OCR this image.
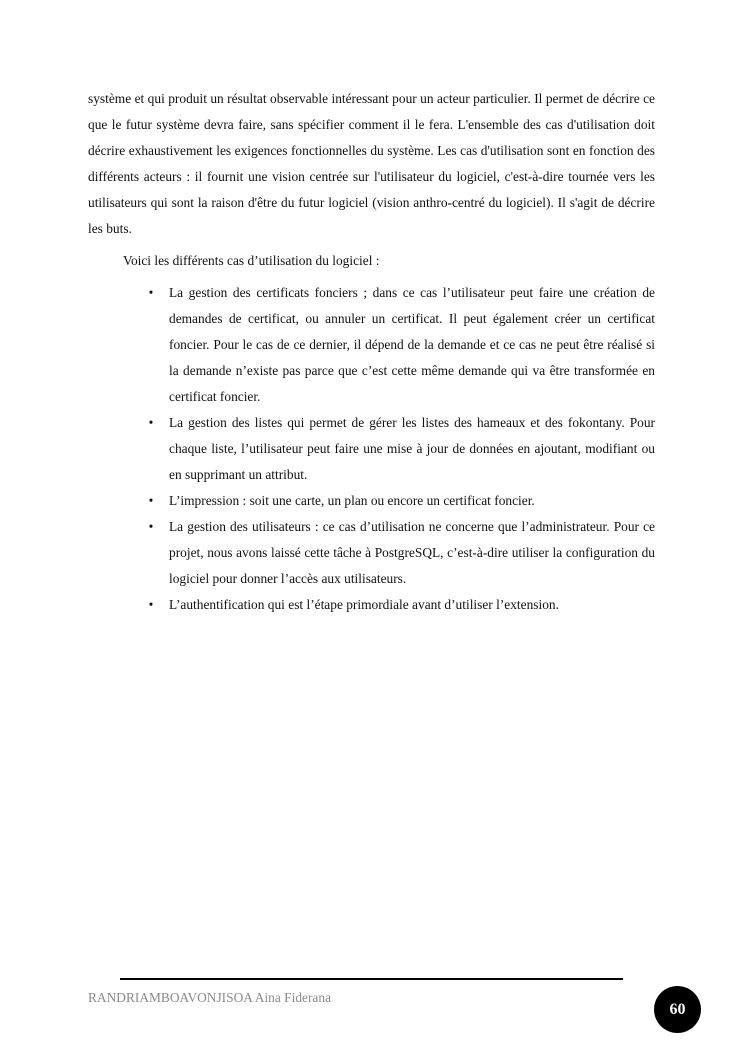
système et qui produit un résultat observable intéressant pour un acteur particulier. Il permet de décrire ce que le futur système devra faire, sans spécifier comment il le fera. L'ensemble des cas d'utilisation doit décrire exhaustivement les exigences fonctionnelles du système. Les cas d'utilisation sont en fonction des différents acteurs : il fournit une vision centrée sur l'utilisateur du logiciel, c'est-à-dire tournée vers les utilisateurs qui sont la raison d'être du futur logiciel (vision anthro-centré du logiciel). Il s'agit de décrire les buts.

Voici les différents cas d’utilisation du logiciel :

• La gestion des certificats fonciers ; dans ce cas l’utilisateur peut faire une création de demandes de certificat, ou annuler un certificat. Il peut également créer un certificat foncier. Pour le cas de ce dernier, il dépend de la demande et ce cas ne peut être réalisé si la demande n’existe pas parce que c’est cette même demande qui va être transformée en certificat foncier.
• La gestion des listes qui permet de gérer les listes des hameaux et des fokontany. Pour chaque liste, l’utilisateur peut faire une mise à jour de données en ajoutant, modifiant ou en supprimant un attribut.
• L’impression : soit une carte, un plan ou encore un certificat foncier.
• La gestion des utilisateurs : ce cas d’utilisation ne concerne que l’administrateur. Pour ce projet, nous avons laissé cette tâche à PostgreSQL, c’est-à-dire utiliser la configuration du logiciel pour donner l’accès aux utilisateurs.
• L’authentification qui est l’étape primordiale avant d’utiliser l’extension.
RANDRIAMBOAVONJISOA Aina Fiderana
60
